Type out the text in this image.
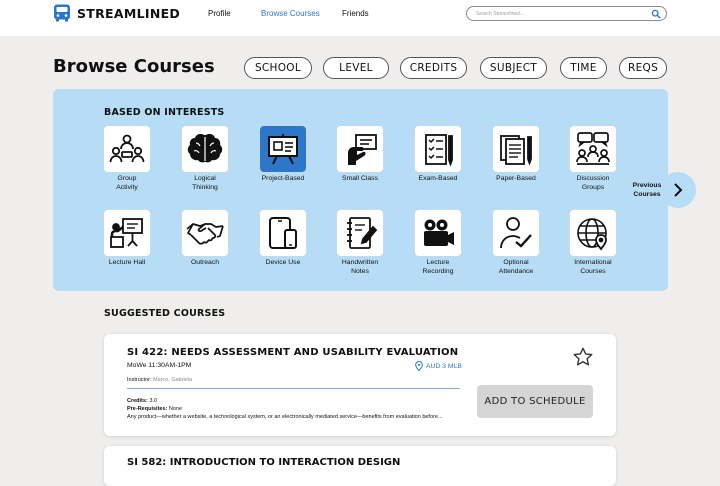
STREAMLINED	Profile	Browse Courses	Friends
Search Streamlined...
Browse Courses	SCHOOL	LEVEL	CREDITS	SUBJECT	TIME	REQS
BASED ON INTERESTS
Group
Activity
Logical
Thinking
Project-Based	Small Class	Exam-Based	Paper-Based	Discussion
Groups
Lecture Hall	Outreach	Device Use	Handwritten
Notes
Lecture
Recording
Optional
Attendance
International
Courses
Previous
Courses
SUGGESTED COURSES
SI 422: NEEDS ASSESSMENT AND USABILITY EVALUATION
MoWe 11:30AM-1PM	AUD 3 MLB
Instructor: Marco, Gabriela
Credits: 3.0
Pre-Requisites: None
Any product—whether a website, a technological system, or an electronically mediated service—benefits from evaluation before...
ADD TO SCHEDULE
SI 582: INTRODUCTION TO INTERACTION DESIGN
